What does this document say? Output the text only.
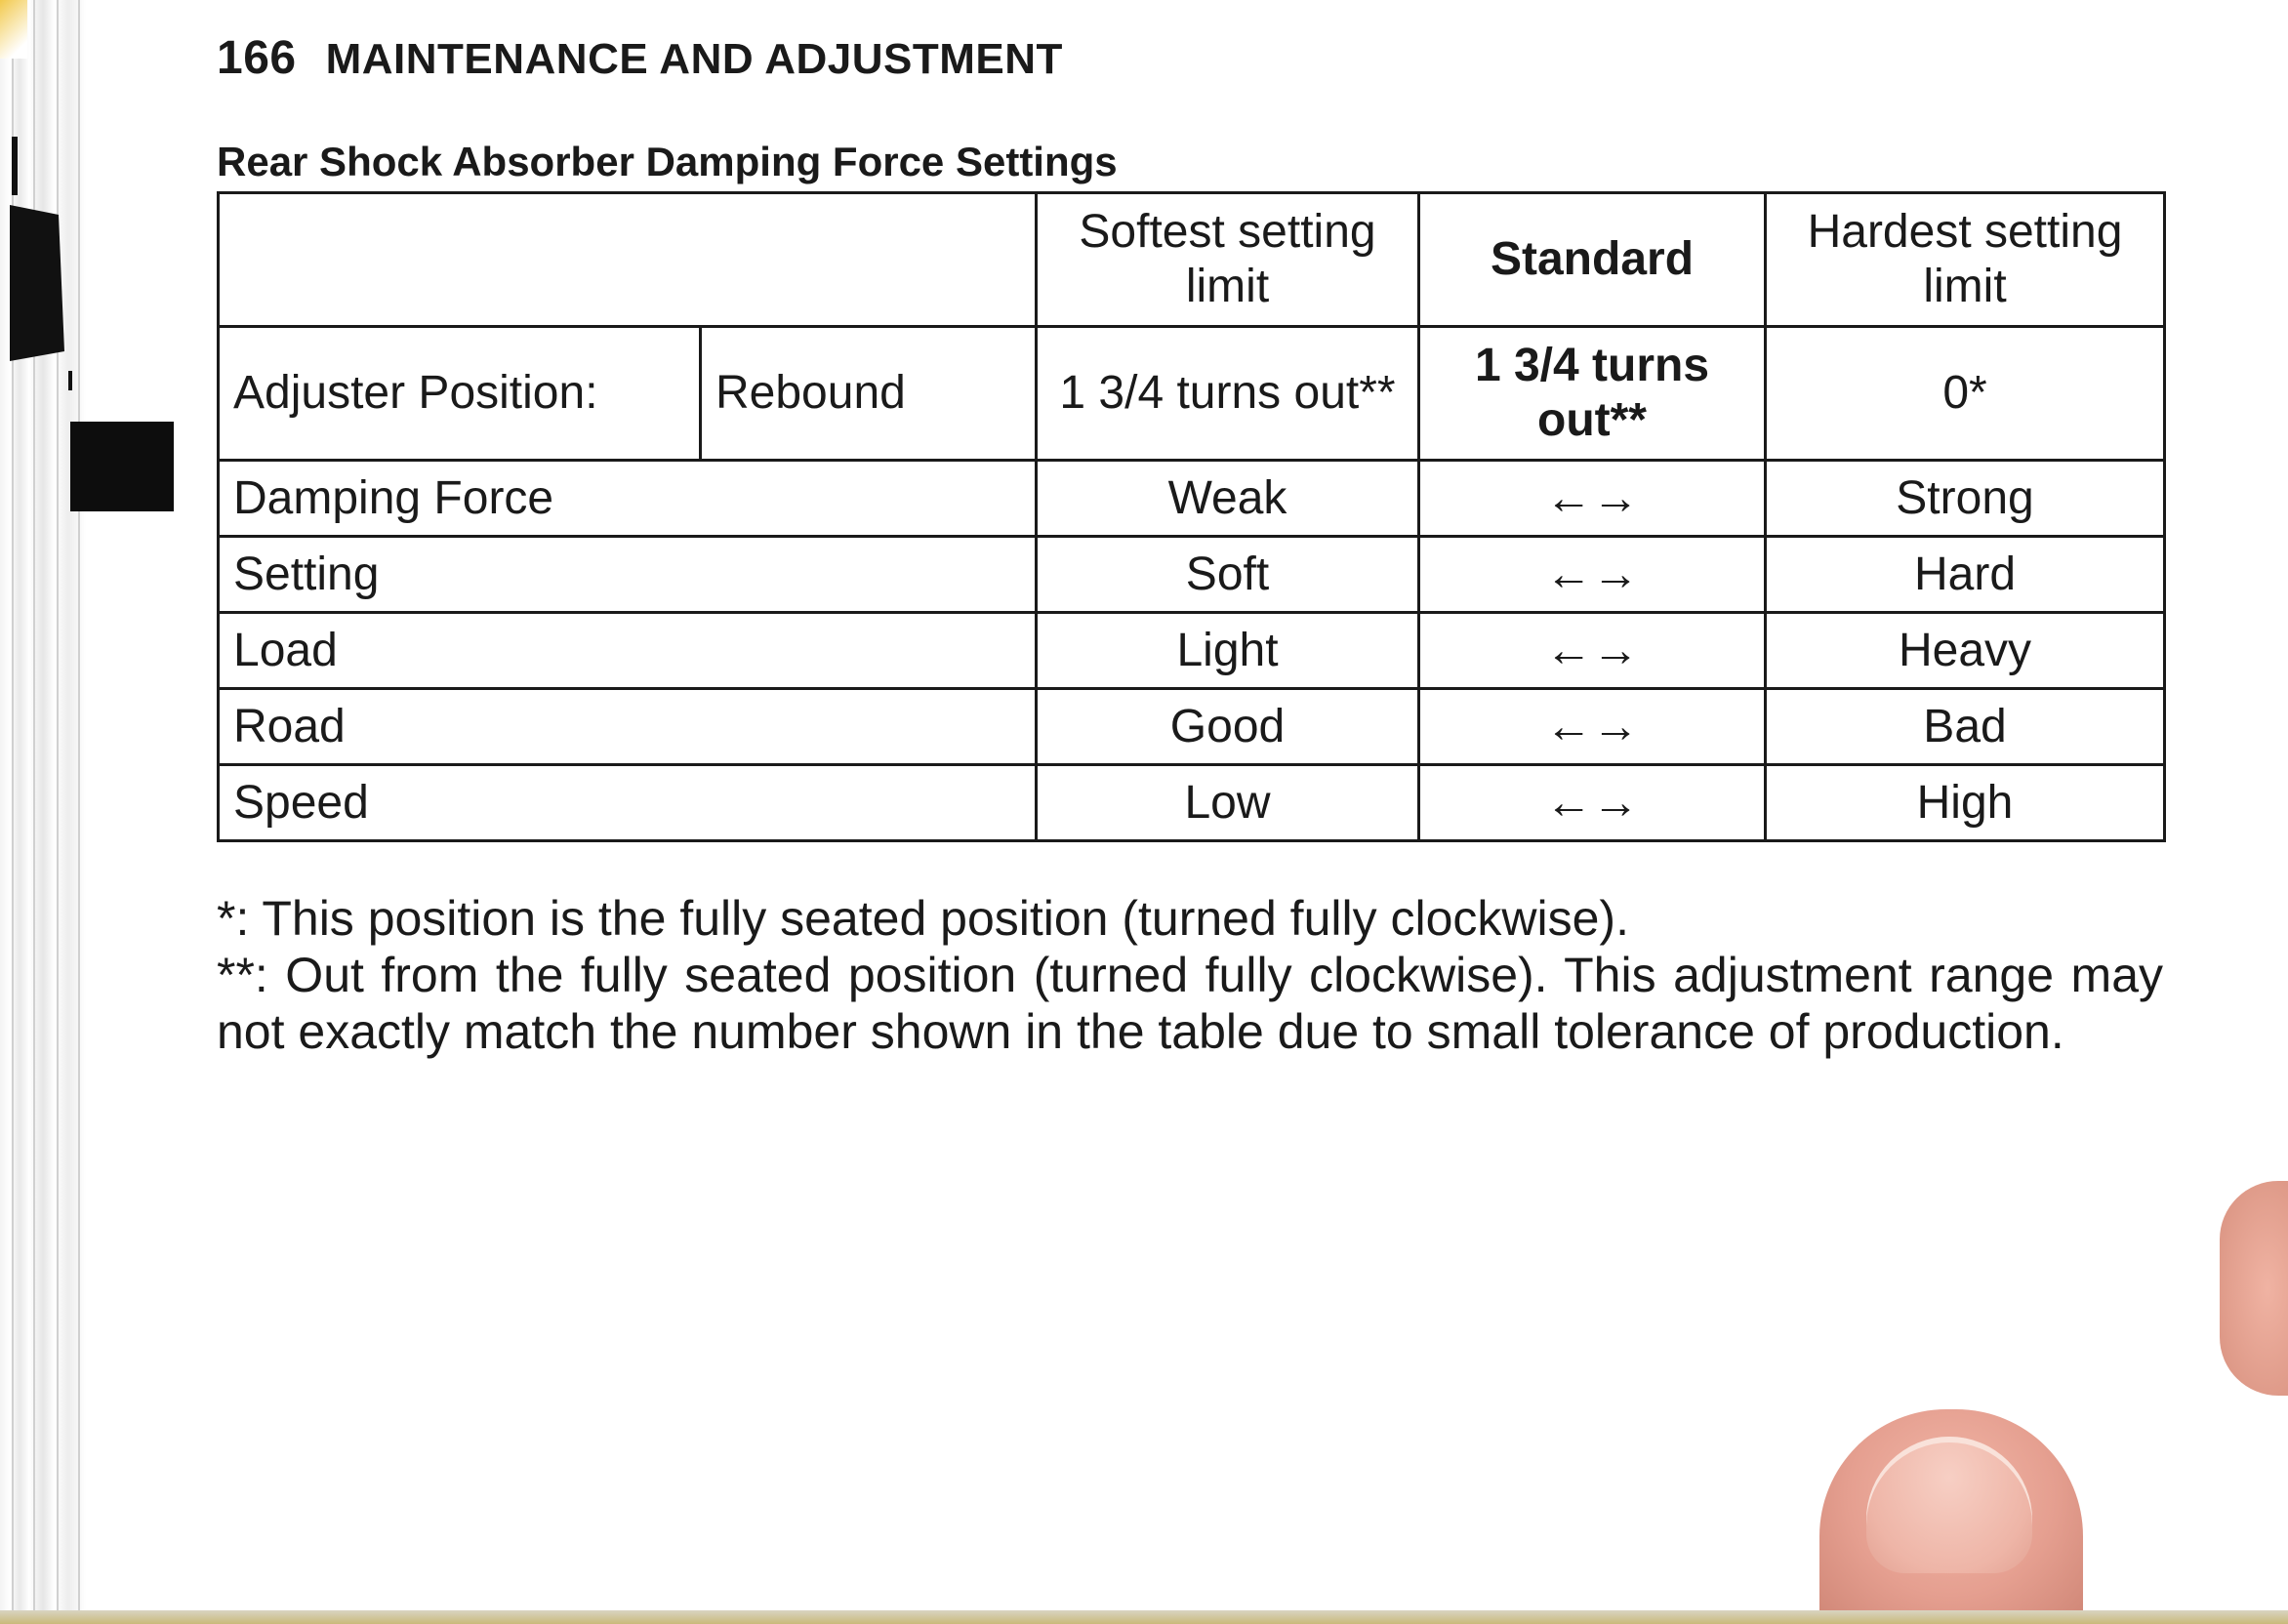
166 MAINTENANCE AND ADJUSTMENT
Rear Shock Absorber Damping Force Settings
		Softest setting limit	Standard	Hardest setting limit
Adjuster Position:	Rebound	1 3/4 turns out**	1 3/4 turns out**	0*
Damping Force		Weak	←→	Strong
Setting		Soft	←→	Hard
Load		Light	←→	Heavy
Road		Good	←→	Bad
Speed		Low	←→	High

*: This position is the fully seated position (turned fully clockwise).

**: Out from the fully seated position (turned fully clockwise). This adjustment range may not exactly match the number shown in the table due to small tolerance of production.
